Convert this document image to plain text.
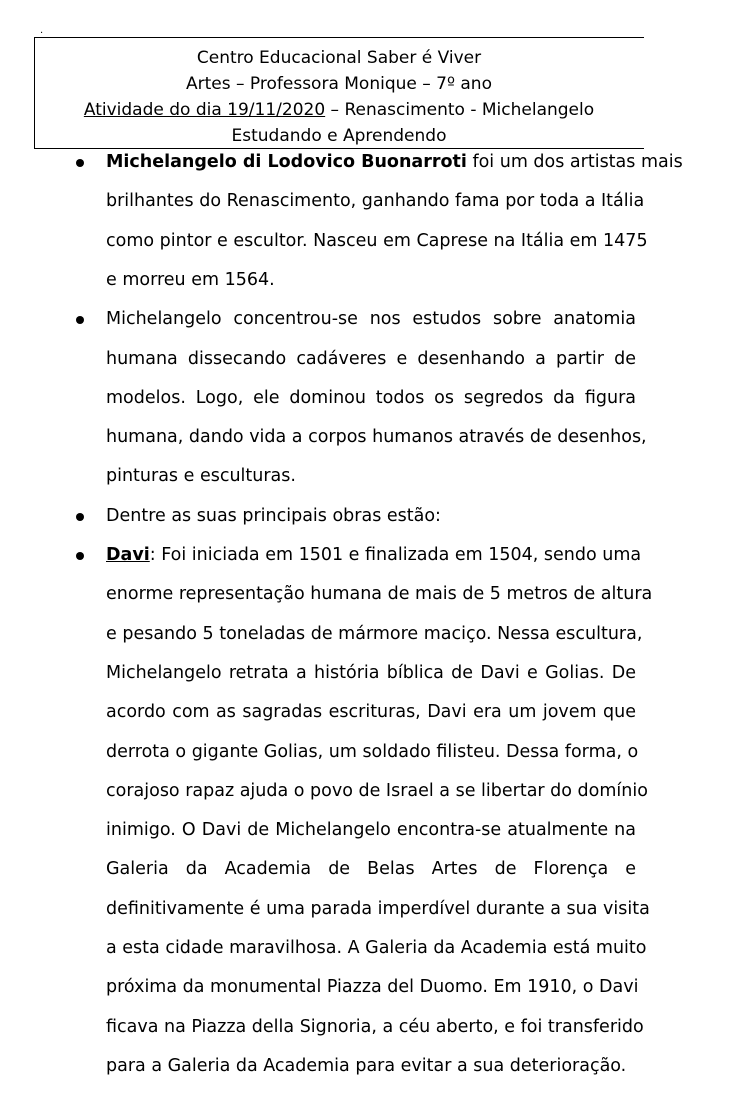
.
Centro Educacional Saber é Viver
Artes – Professora Monique – 7º ano
Atividade do dia 19/11/2020 – Renascimento - Michelangelo
Estudando e Aprendendo
Michelangelo di Lodovico Buonarroti foi um dos artistas mais
brilhantes do Renascimento, ganhando fama por toda a Itália
como pintor e escultor. Nasceu em Caprese na Itália em 1475
e morreu em 1564.
Michelangelo concentrou-se nos estudos sobre anatomia
humana dissecando cadáveres e desenhando a partir de
modelos. Logo, ele dominou todos os segredos da figura
humana, dando vida a corpos humanos através de desenhos,
pinturas e esculturas.
Dentre as suas principais obras estão:
Davi: Foi iniciada em 1501 e finalizada em 1504, sendo uma
enorme representação humana de mais de 5 metros de altura
e pesando 5 toneladas de mármore maciço. Nessa escultura,
Michelangelo retrata a história bíblica de Davi e Golias. De
acordo com as sagradas escrituras, Davi era um jovem que
derrota o gigante Golias, um soldado filisteu. Dessa forma, o
corajoso rapaz ajuda o povo de Israel a se libertar do domínio
inimigo. O Davi de Michelangelo encontra-se atualmente na
Galeria da Academia de Belas Artes de Florença e
definitivamente é uma parada imperdível durante a sua visita
a esta cidade maravilhosa. A Galeria da Academia está muito
próxima da monumental Piazza del Duomo. Em 1910, o Davi
ficava na Piazza della Signoria, a céu aberto, e foi transferido
para a Galeria da Academia para evitar a sua deterioração.
